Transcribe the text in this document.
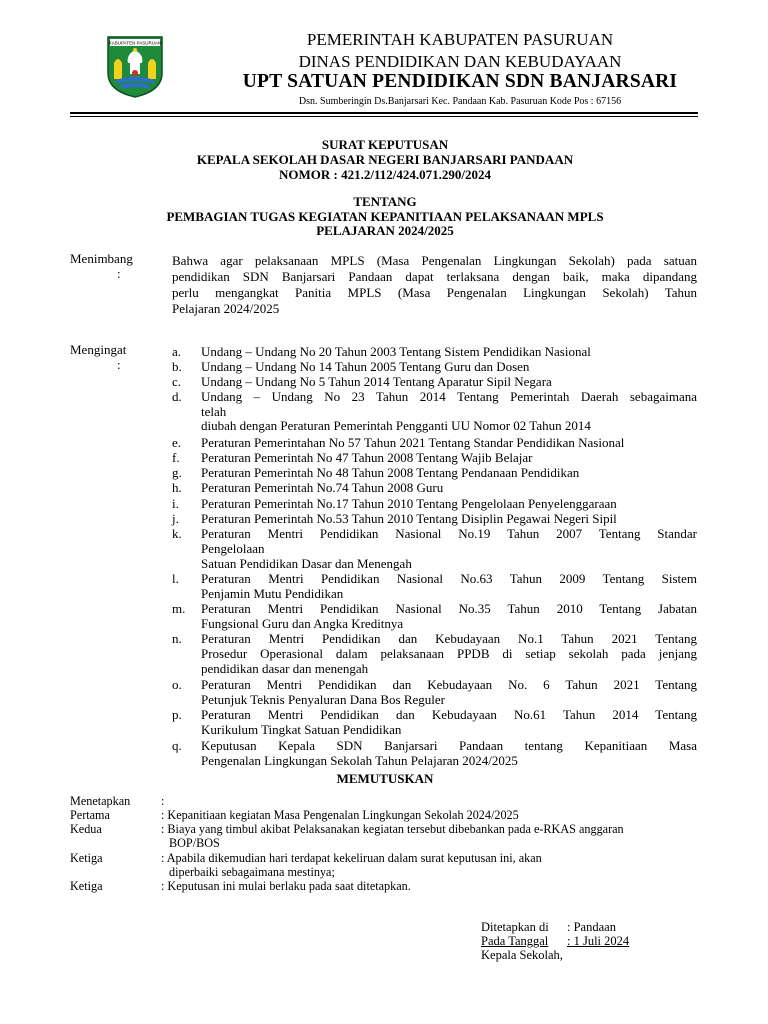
KABUPATEN PASURUAN	PEMERINTAH KABUPATEN PASURUAN
DINAS PENDIDIKAN DAN KEBUDAYAAN
UPT SATUAN PENDIDIKAN SDN BANJARSARI
Dsn. Sumberingin Ds.Banjarsari Kec. Pandaan Kab. Pasuruan Kode Pos : 67156
SURAT KEPUTUSAN
KEPALA SEKOLAH DASAR NEGERI BANJARSARI PANDAAN
NOMOR : 421.2/112/424.071.290/2024
TENTANG
PEMBAGIAN TUGAS KEGIATAN KEPANITIAAN PELAKSANAAN MPLS
PELAJARAN 2024/2025
Menimbang
:
Bahwa agar pelaksanaan MPLS (Masa Pengenalan Lingkungan Sekolah) pada satuan
pendidikan SDN Banjarsari Pandaan dapat terlaksana dengan baik, maka dipandang
perlu mengangkat Panitia MPLS (Masa Pengenalan Lingkungan Sekolah) Tahun
Pelajaran 2024/2025
Mengingat
:
a. Undang – Undang No 20 Tahun 2003 Tentang Sistem Pendidikan Nasional
b. Undang – Undang No 14 Tahun 2005 Tentang Guru dan Dosen
c. Undang – Undang No 5 Tahun 2014 Tentang Aparatur Sipil Negara
d. Undang – Undang No 23 Tahun 2014 Tentang Pemerintah Daerah sebagaimana
telah
diubah dengan Peraturan Pemerintah Pengganti UU Nomor 02 Tahun 2014
e. Peraturan Pemerintahan No 57 Tahun 2021 Tentang Standar Pendidikan Nasional
f. Peraturan Pemerintah No 47 Tahun 2008 Tentang Wajib Belajar
g. Peraturan Pemerintah No 48 Tahun 2008 Tentang Pendanaan Pendidikan
h. Peraturan Pemerintah No.74 Tahun 2008 Guru
i. Peraturan Pemerintah No.17 Tahun 2010 Tentang Pengelolaan Penyelenggaraan
j. Peraturan Pemerintah No.53 Tahun 2010 Tentang Disiplin Pegawai Negeri Sipil
k. Peraturan Mentri Pendidikan Nasional No.19 Tahun 2007 Tentang Standar
Pengelolaan
Satuan Pendidikan Dasar dan Menengah
l. Peraturan Mentri Pendidikan Nasional No.63 Tahun 2009 Tentang Sistem
Penjamin Mutu Pendidikan
m. Peraturan Mentri Pendidikan Nasional No.35 Tahun 2010 Tentang Jabatan
Fungsional Guru dan Angka Kreditnya
n. Peraturan Mentri Pendidikan dan Kebudayaan No.1 Tahun 2021 Tentang
Prosedur Operasional dalam pelaksanaan PPDB di setiap sekolah pada jenjang
pendidikan dasar dan menengah
o. Peraturan Mentri Pendidikan dan Kebudayaan No. 6 Tahun 2021 Tentang
Petunjuk Teknis Penyaluran Dana Bos Reguler
p. Peraturan Mentri Pendidikan dan Kebudayaan No.61 Tahun 2014 Tentang
Kurikulum Tingkat Satuan Pendidikan
q. Keputusan Kepala SDN Banjarsari Pandaan tentang Kepanitiaan Masa
Pengenalan Lingkungan Sekolah Tahun Pelajaran 2024/2025
MEMUTUSKAN
Menetapkan	:
Pertama	: Kepanitiaan kegiatan Masa Pengenalan Lingkungan Sekolah 2024/2025
Kedua	: Biaya yang timbul akibat Pelaksanakan kegiatan tersebut dibebankan pada e-RKAS anggaran
BOP/BOS
Ketiga	: Apabila dikemudian hari terdapat kekeliruan dalam surat keputusan ini, akan
diperbaiki sebagaimana mestinya;
Ketiga	: Keputusan ini mulai berlaku pada saat ditetapkan.
Ditetapkan di : Pandaan
Pada Tanggal : 1 Juli 2024
Kepala Sekolah,
